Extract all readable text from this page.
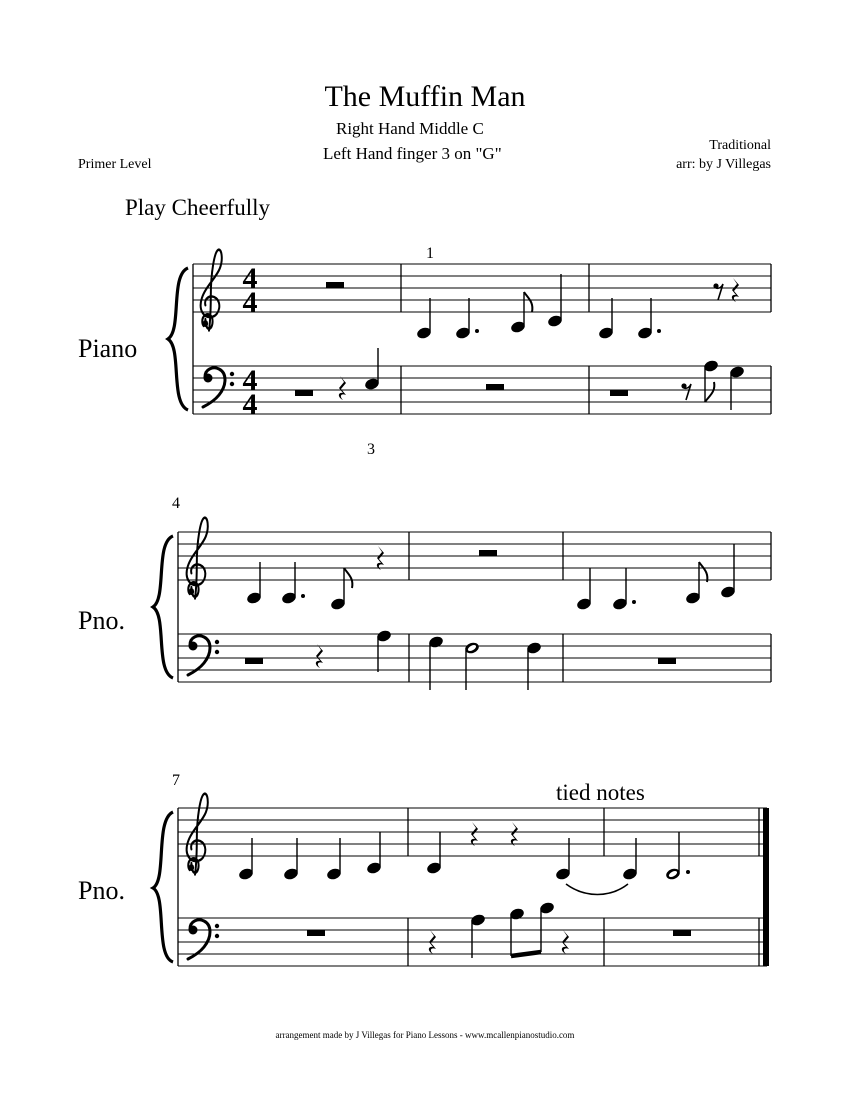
The Muffin Man
Right Hand Middle C
Left Hand finger 3 on "G"	Traditional
arr: by J Villegas
Primer Level
Play Cheerfully
4
4
4
4
Piano
3
1
4
Pno.
7
Pno.
tied notes
arrangement made by J Villegas for Piano Lessons - www.mcallenpianostudio.com
